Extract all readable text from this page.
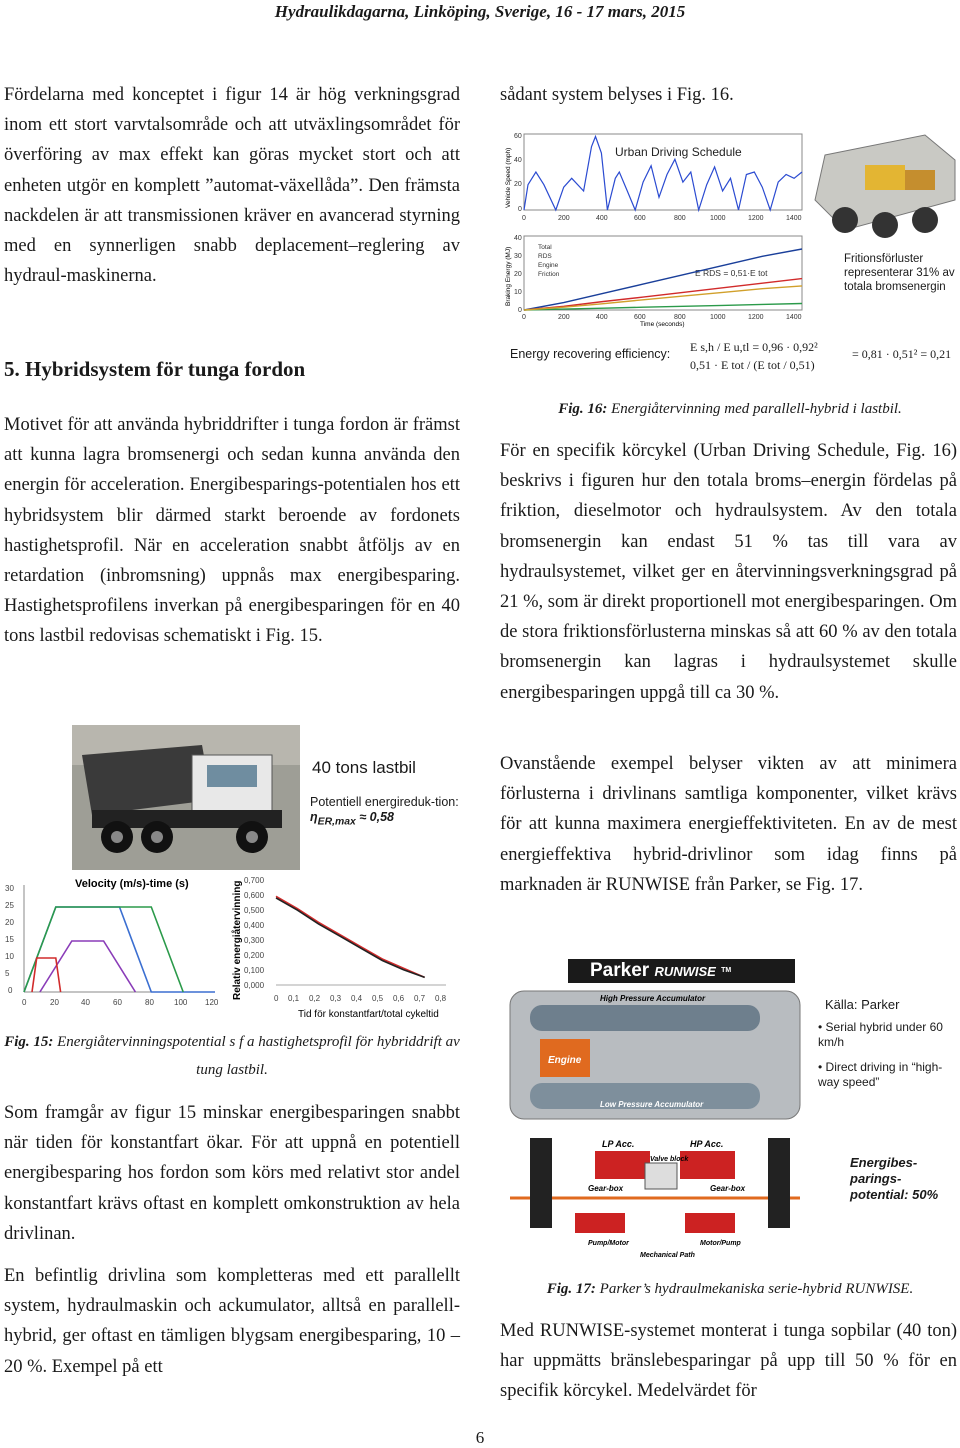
Hydraulikdagarna, Linköping, Sverige, 16 - 17 mars, 2015

Fördelarna med konceptet i figur 14 är hög verkningsgrad inom ett stort varvtalsområde och att utväxlingsområdet för överföring av max effekt kan göras mycket stort och att enheten utgör en komplett ”automat-växellåda”. Den främsta nackdelen är att transmissionen kräver en avancerad styrning med en synnerligen snabb deplacement–reglering av hydraul-maskinerna.

5. Hybridsystem för tunga fordon

Motivet för att använda hybriddrifter i tunga fordon är främst att kunna lagra bromsenergi och sedan kunna använda den energin för acceleration. Energibesparings-potentialen hos ett hybridsystem blir därmed starkt beroende av fordonets hastighetsprofil. När en acceleration snabbt åtföljs av en retardation (inbromsning) uppnås max energibesparing. Hastighetsprofilens inverkan på energibesparingen för en 40 tons lastbil redovisas schematiskt i Fig. 15.

40 tons lastbil
Potentiell energireduk-tion: $\eta_{ER,max} \approx 0,58$
30
25
20
15
10
5
0
0	20	40	60	80	100 120
Velocity (m/s)-time (s)	Relativ energiåtervinning
0,700
0,600
0,500
0,400
0,300
0,200
0,100
0,000
0 0,1 0,2 0,3 0,4 0,5 0,6 0,7 0,8
Tid för konstantfart/total cykeltid
Fig. 15: Energiåtervinningspotential s f a hastighetsprofil för hybriddrift av tung lastbil.

Som framgår av figur 15 minskar energibesparingen snabbt när tiden för konstantfart ökar. För att uppnå en potentiell energibesparing hos fordon som körs med relativt stor andel konstantfart krävs oftast en komplett omkonstruktion av hela drivlinan.

En befintlig drivlina som kompletteras med ett parallellt system, hydraulmaskin och ackumulator, alltså en parallell-hybrid, ger oftast en tämligen blygsam energibesparing, 10 – 20 %. Exempel på ett

sådant system belyses i Fig. 16.

Vehicle Speed (mph)
60
40
20
0
0	200	400	600	800	1000	1200	1400
Urban Driving Schedule
Braking Energy (MJ)
40
30
20
10
0
0	200	400	600	800	1000	1200	1400
Total
RDS
Engine
Friction	E RDS = 0,51·E tot
Time (seconds)
Fritionsförluster representerar 31% av totala bromsenergin
Energy recovering efficiency: E s,h / E u,tl = 0,96 · 0,92²
0,51 · E tot / (E tot / 0,51)
= 0,81 · 0,51² = 0,21
Fig. 16: Energiåtervinning med parallell-hybrid i lastbil.

För en specifik körcykel (Urban Driving Schedule, Fig. 16) beskrivs i figuren hur den totala broms–energin fördelas på friktion, dieselmotor och hydraulsystem. Av den totala bromsenergin kan endast 51 % tas till vara av hydraulsystemet, vilket ger en återvinningsverkningsgrad på 21 %, som är direkt proportionell mot energibesparingen. Om de stora friktionsförlusterna minskas så att 60 % av den totala bromsenergin kan lagras i hydraulsystemet skulle energibesparingen uppgå till ca 30 %.

Ovanstående exempel belyser vikten av att minimera förlusterna i drivlinans samtliga komponenter, vilket krävs för att kunna maximera energieffektiviteten. En av de mest energieffektiva hybrid-drivlinor som idag finns på marknaden är RUNWISE från Parker, se Fig. 17.

Parker RUNWISE ™
High Pressure Accumulator
Engine
Low Pressure Accumulator
LP Acc.	HP Acc.
Valve block
Gear-box	Gear-box
Pump/Motor	Motor/Pump
Mechanical Path
Källa: Parker
• Serial hybrid under 60 km/h
• Direct driving in “high-way speed”
Energibes-parings-potential: 50%
Fig. 17: Parker’s hydraulmekaniska serie-hybrid RUNWISE.

Med RUNWISE-systemet monterat i tunga sopbilar (40 ton) har uppmätts bränslebesparingar på upp till 50 % för en specifik körcykel. Medelvärdet för

6
